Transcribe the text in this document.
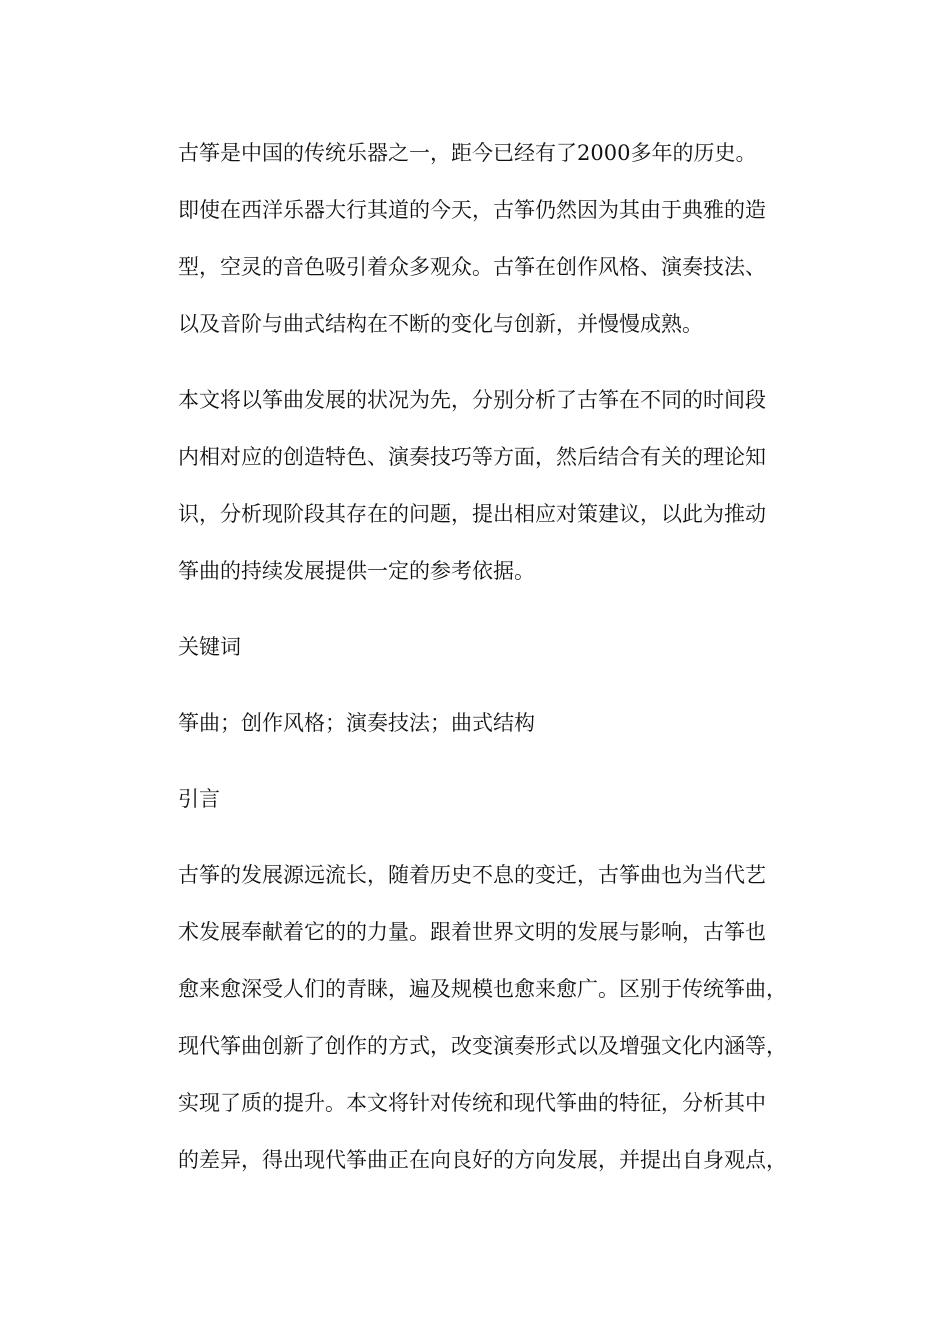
古筝是中国的传统乐器之一，距今已经有了2000多年的历史。
即使在西洋乐器大行其道的今天，古筝仍然因为其由于典雅的造
型，空灵的音色吸引着众多观众。古筝在创作风格、演奏技法、
以及音阶与曲式结构在不断的变化与创新，并慢慢成熟。
本文将以筝曲发展的状况为先，分别分析了古筝在不同的时间段
内相对应的创造特色、演奏技巧等方面，然后结合有关的理论知
识，分析现阶段其存在的问题，提出相应对策建议，以此为推动
筝曲的持续发展提供一定的参考依据。
关键词
筝曲；创作风格；演奏技法；曲式结构
引言
古筝的发展源远流长，随着历史不息的变迁，古筝曲也为当代艺
术发展奉献着它的的力量。跟着世界文明的发展与影响，古筝也
愈来愈深受人们的青睐，遍及规模也愈来愈广。区别于传统筝曲，
现代筝曲创新了创作的方式，改变演奏形式以及增强文化内涵等，
实现了质的提升。本文将针对传统和现代筝曲的特征，分析其中
的差异，得出现代筝曲正在向良好的方向发展，并提出自身观点，
